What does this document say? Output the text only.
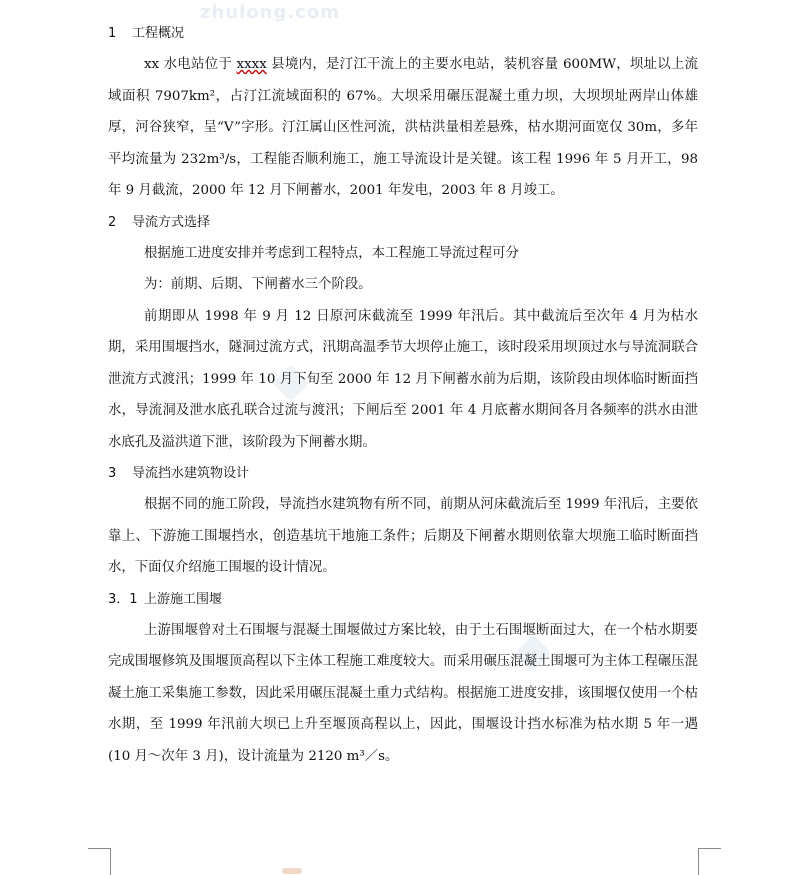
zhulong.com
1 工程概况

xx 水电站位于 xxxx 县境内，是汀江干流上的主要水电站，装机容量 600MW，坝址以上流域面积 7907km²，占汀江流域面积的 67%。大坝采用碾压混凝土重力坝，大坝坝址两岸山体雄厚，河谷狭窄，呈“V”字形。汀江属山区性河流，洪枯洪量相差悬殊，枯水期河面宽仅 30m，多年平均流量为 232m³/s，工程能否顺利施工，施工导流设计是关键。该工程 1996 年 5 月开工，98 年 9 月截流，2000 年 12 月下闸蓄水，2001 年发电，2003 年 8 月竣工。

2 导流方式选择

根据施工进度安排并考虑到工程特点，本工程施工导流过程可分

为：前期、后期、下闸蓄水三个阶段。

前期即从 1998 年 9 月 12 日原河床截流至 1999 年汛后。其中截流后至次年 4 月为枯水期，采用围堰挡水，隧洞过流方式，汛期高温季节大坝停止施工，该时段采用坝顶过水与导流洞联合泄流方式渡汛；1999 年 10 月下旬至 2000 年 12 月下闸蓄水前为后期，该阶段由坝体临时断面挡水，导流洞及泄水底孔联合过流与渡汛；下闸后至 2001 年 4 月底蓄水期间各月各频率的洪水由泄水底孔及溢洪道下泄，该阶段为下闸蓄水期。

3 导流挡水建筑物设计

根据不同的施工阶段，导流挡水建筑物有所不同，前期从河床截流后至 1999 年汛后，主要依靠上、下游施工围堰挡水，创造基坑干地施工条件；后期及下闸蓄水期则依靠大坝施工临时断面挡水，下面仅介绍施工围堰的设计情况。

3．1 上游施工围堰

上游围堰曾对土石围堰与混凝土围堰做过方案比较，由于土石围堰断面过大，在一个枯水期要完成围堰修筑及围堰顶高程以下主体工程施工难度较大。而采用碾压混凝土围堰可为主体工程碾压混凝土施工采集施工参数，因此采用碾压混凝土重力式结构。根据施工进度安排，该围堰仅使用一个枯水期，至 1999 年汛前大坝已上升至堰顶高程以上，因此，围堰设计挡水标准为枯水期 5 年一遇(10 月～次年 3 月)，设计流量为 2120 m³／s。
